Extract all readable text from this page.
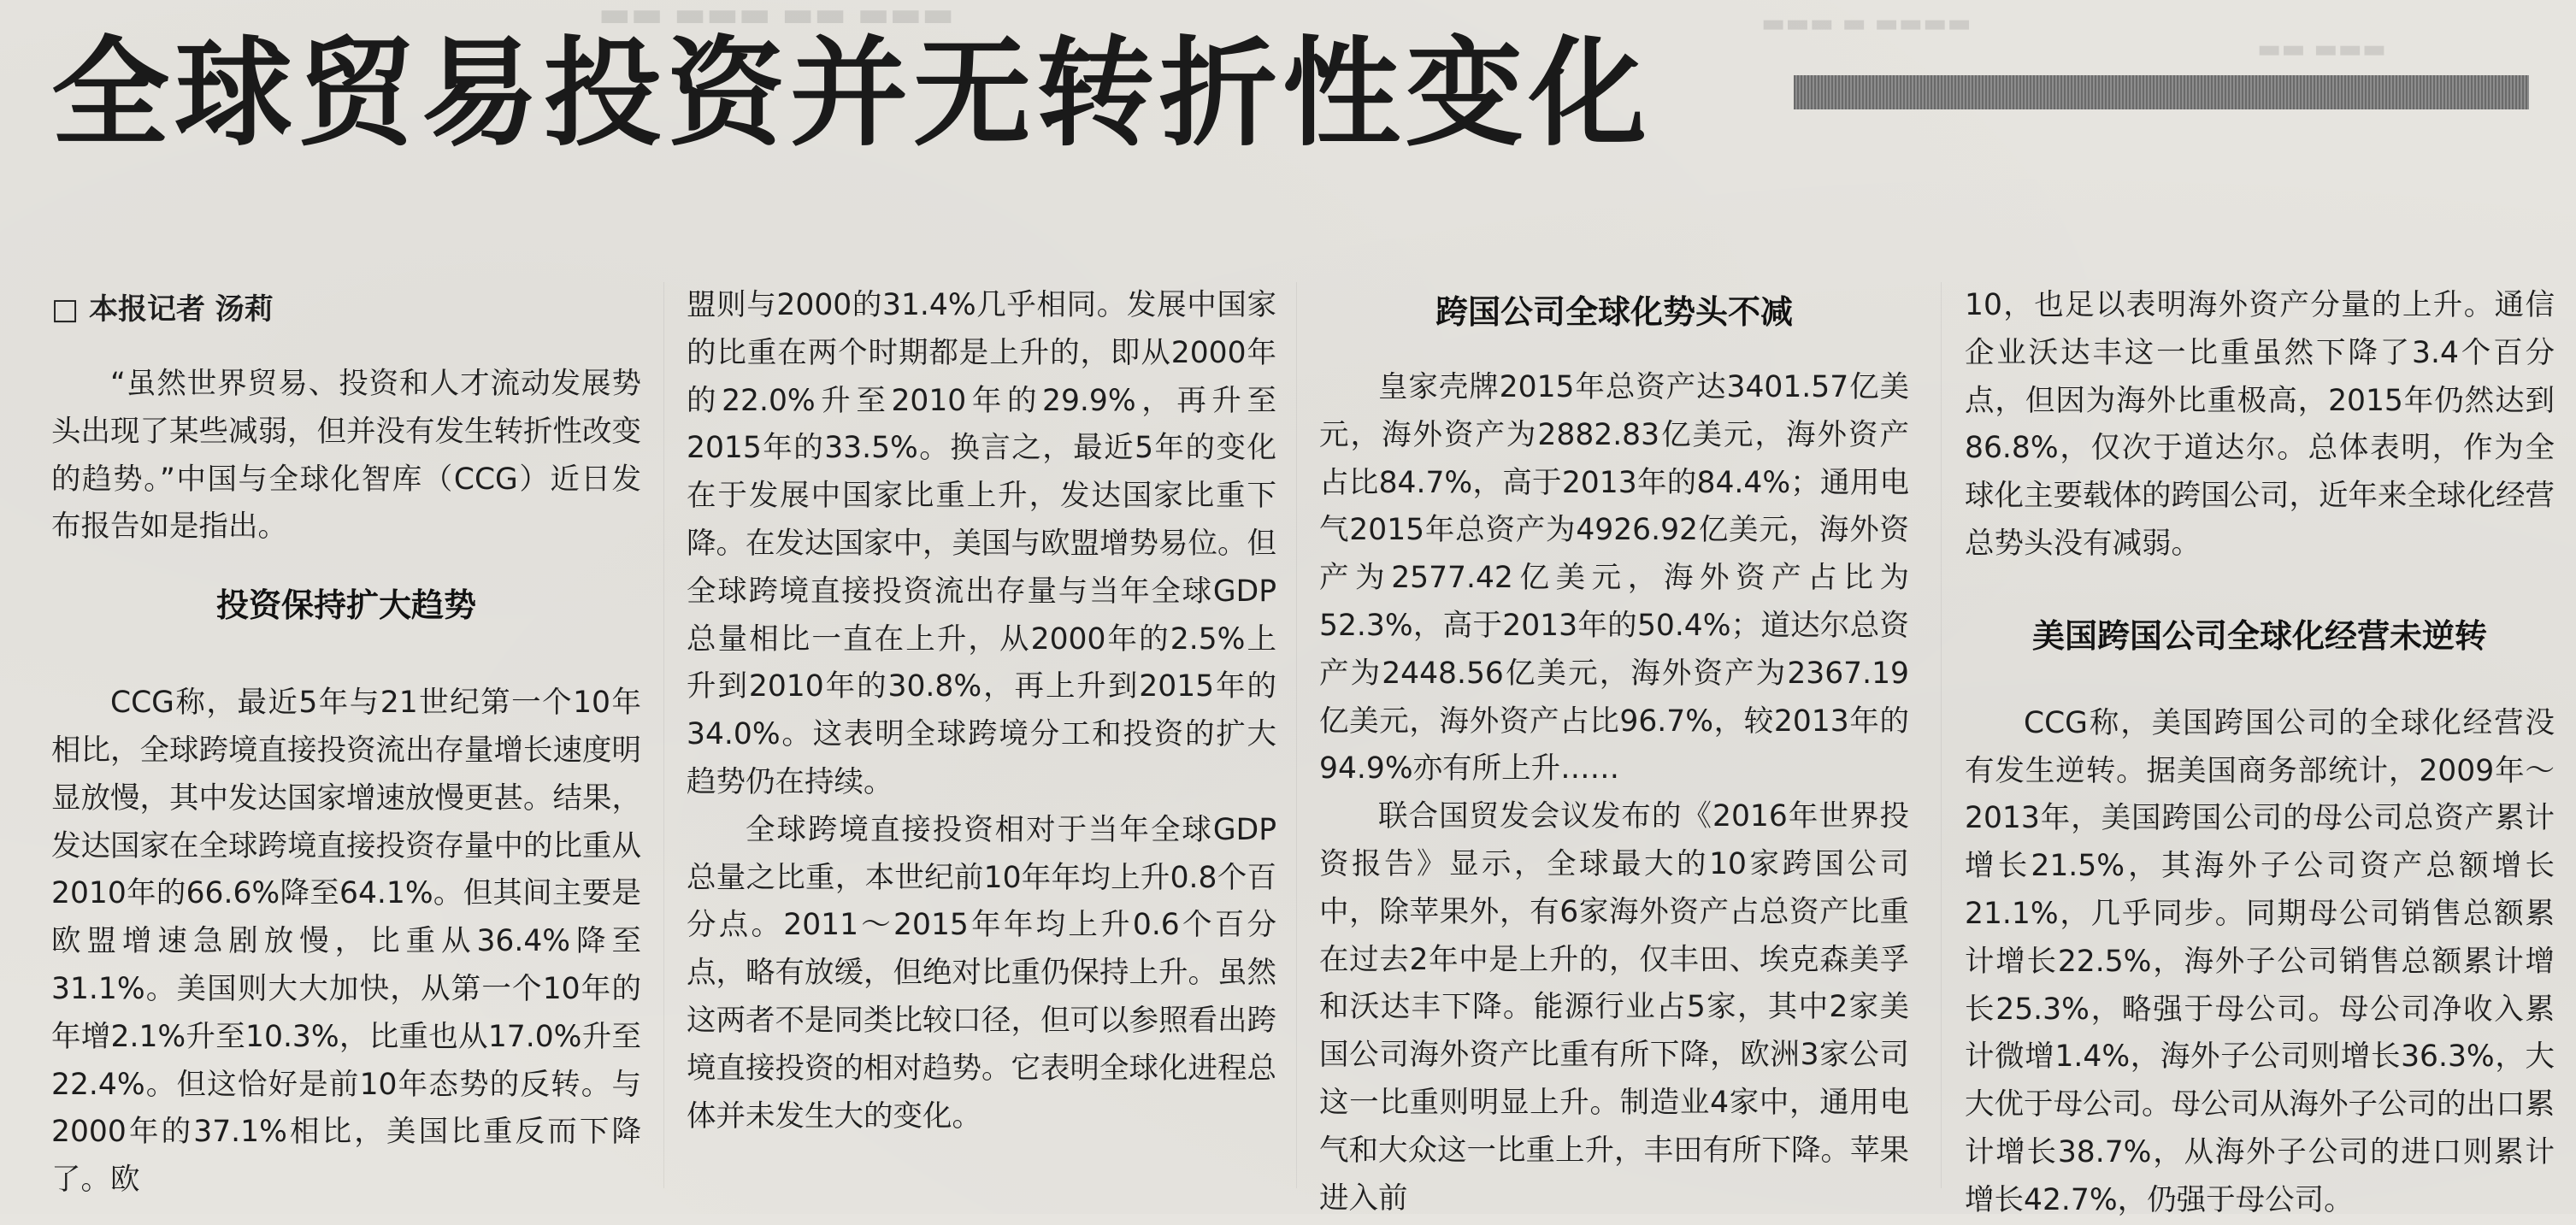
▬▬ ▬▬▬ ▬▬ ▬▬▬	▬▬▬ ▬ ▬▬▬▬
▬▬ ▬▬▬
全球贸易投资并无转折性变化
□ 本报记者 汤莉

“虽然世界贸易、投资和人才流动发展势头出现了某些减弱，但并没有发生转折性改变的趋势。”中国与全球化智库（CCG）近日发布报告如是指出。

投资保持扩大趋势

CCG称，最近5年与21世纪第一个10年相比，全球跨境直接投资流出存量增长速度明显放慢，其中发达国家增速放慢更甚。结果，发达国家在全球跨境直接投资存量中的比重从2010年的66.6%降至64.1%。但其间主要是欧盟增速急剧放慢，比重从36.4%降至31.1%。美国则大大加快，从第一个10年的年增2.1%升至10.3%，比重也从17.0%升至22.4%。但这恰好是前10年态势的反转。与2000年的37.1%相比，美国比重反而下降了。欧

盟则与2000的31.4%几乎相同。发展中国家的比重在两个时期都是上升的，即从2000年的22.0%升至2010年的29.9%，再升至2015年的33.5%。换言之，最近5年的变化在于发展中国家比重上升，发达国家比重下降。在发达国家中，美国与欧盟增势易位。但全球跨境直接投资流出存量与当年全球GDP总量相比一直在上升，从2000年的2.5%上升到2010年的30.8%，再上升到2015年的34.0%。这表明全球跨境分工和投资的扩大趋势仍在持续。

全球跨境直接投资相对于当年全球GDP总量之比重，本世纪前10年年均上升0.8个百分点。2011～2015年年均上升0.6个百分点，略有放缓，但绝对比重仍保持上升。虽然这两者不是同类比较口径，但可以参照看出跨境直接投资的相对趋势。它表明全球化进程总体并未发生大的变化。

跨国公司全球化势头不减

皇家壳牌2015年总资产达3401.57亿美元，海外资产为2882.83亿美元，海外资产占比84.7%，高于2013年的84.4%；通用电气2015年总资产为4926.92亿美元，海外资产为2577.42亿美元，海外资产占比为52.3%，高于2013年的50.4%；道达尔总资产为2448.56亿美元，海外资产为2367.19亿美元，海外资产占比96.7%，较2013年的94.9%亦有所上升……

联合国贸发会议发布的《2016年世界投资报告》显示，全球最大的10家跨国公司中，除苹果外，有6家海外资产占总资产比重在过去2年中是上升的，仅丰田、埃克森美孚和沃达丰下降。能源行业占5家，其中2家美国公司海外资产比重有所下降，欧洲3家公司这一比重则明显上升。制造业4家中，通用电气和大众这一比重上升，丰田有所下降。苹果进入前

10，也足以表明海外资产分量的上升。通信企业沃达丰这一比重虽然下降了3.4个百分点，但因为海外比重极高，2015年仍然达到86.8%，仅次于道达尔。总体表明，作为全球化主要载体的跨国公司，近年来全球化经营总势头没有减弱。

美国跨国公司全球化经营未逆转

CCG称，美国跨国公司的全球化经营没有发生逆转。据美国商务部统计，2009年～2013年，美国跨国公司的母公司总资产累计增长21.5%，其海外子公司资产总额增长21.1%，几乎同步。同期母公司销售总额累计增长22.5%，海外子公司销售总额累计增长25.3%，略强于母公司。母公司净收入累计微增1.4%，海外子公司则增长36.3%，大大优于母公司。母公司从海外子公司的出口累计增长38.7%，从海外子公司的进口则累计增长42.7%，仍强于母公司。
